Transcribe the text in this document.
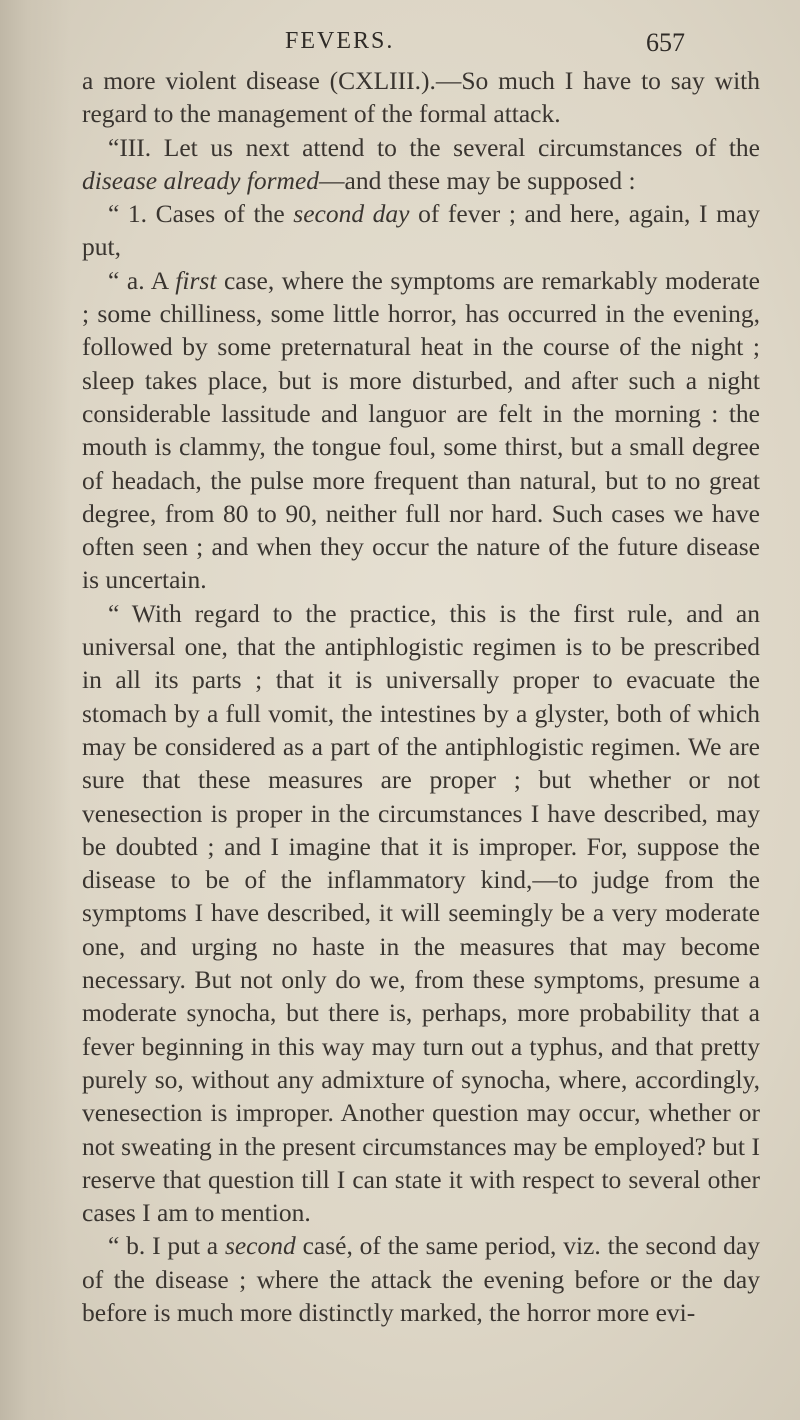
FEVERS.	657

a more violent disease (CXLIII.).—So much I have to say with regard to the management of the formal attack.

“III. Let us next attend to the several circumstances of the disease already formed—and these may be supposed :

“ 1. Cases of the second day of fever ; and here, again, I may put,

“ a. A first case, where the symptoms are remarkably moderate ; some chilliness, some little horror, has occurred in the evening, followed by some preternatural heat in the course of the night ; sleep takes place, but is more disturbed, and after such a night considerable lassitude and languor are felt in the morning : the mouth is clammy, the tongue foul, some thirst, but a small degree of headach, the pulse more frequent than natural, but to no great degree, from 80 to 90, neither full nor hard. Such cases we have often seen ; and when they occur the nature of the future disease is uncertain.

“ With regard to the practice, this is the first rule, and an universal one, that the antiphlogistic regimen is to be prescribed in all its parts ; that it is universally proper to evacuate the stomach by a full vomit, the intestines by a glyster, both of which may be considered as a part of the antiphlogistic regimen. We are sure that these measures are proper ; but whether or not venesection is proper in the circumstances I have described, may be doubted ; and I imagine that it is improper. For, suppose the disease to be of the inflammatory kind,—to judge from the symptoms I have described, it will seemingly be a very moderate one, and urging no haste in the measures that may become necessary. But not only do we, from these symptoms, presume a moderate synocha, but there is, perhaps, more probability that a fever beginning in this way may turn out a typhus, and that pretty purely so, without any admixture of synocha, where, accordingly, venesection is improper. Another question may occur, whether or not sweating in the present circumstances may be employed? but I reserve that question till I can state it with respect to several other cases I am to mention.

“ b. I put a second casé, of the same period, viz. the second day of the disease ; where the attack the evening before or the day before is much more distinctly marked, the horror more evi-
